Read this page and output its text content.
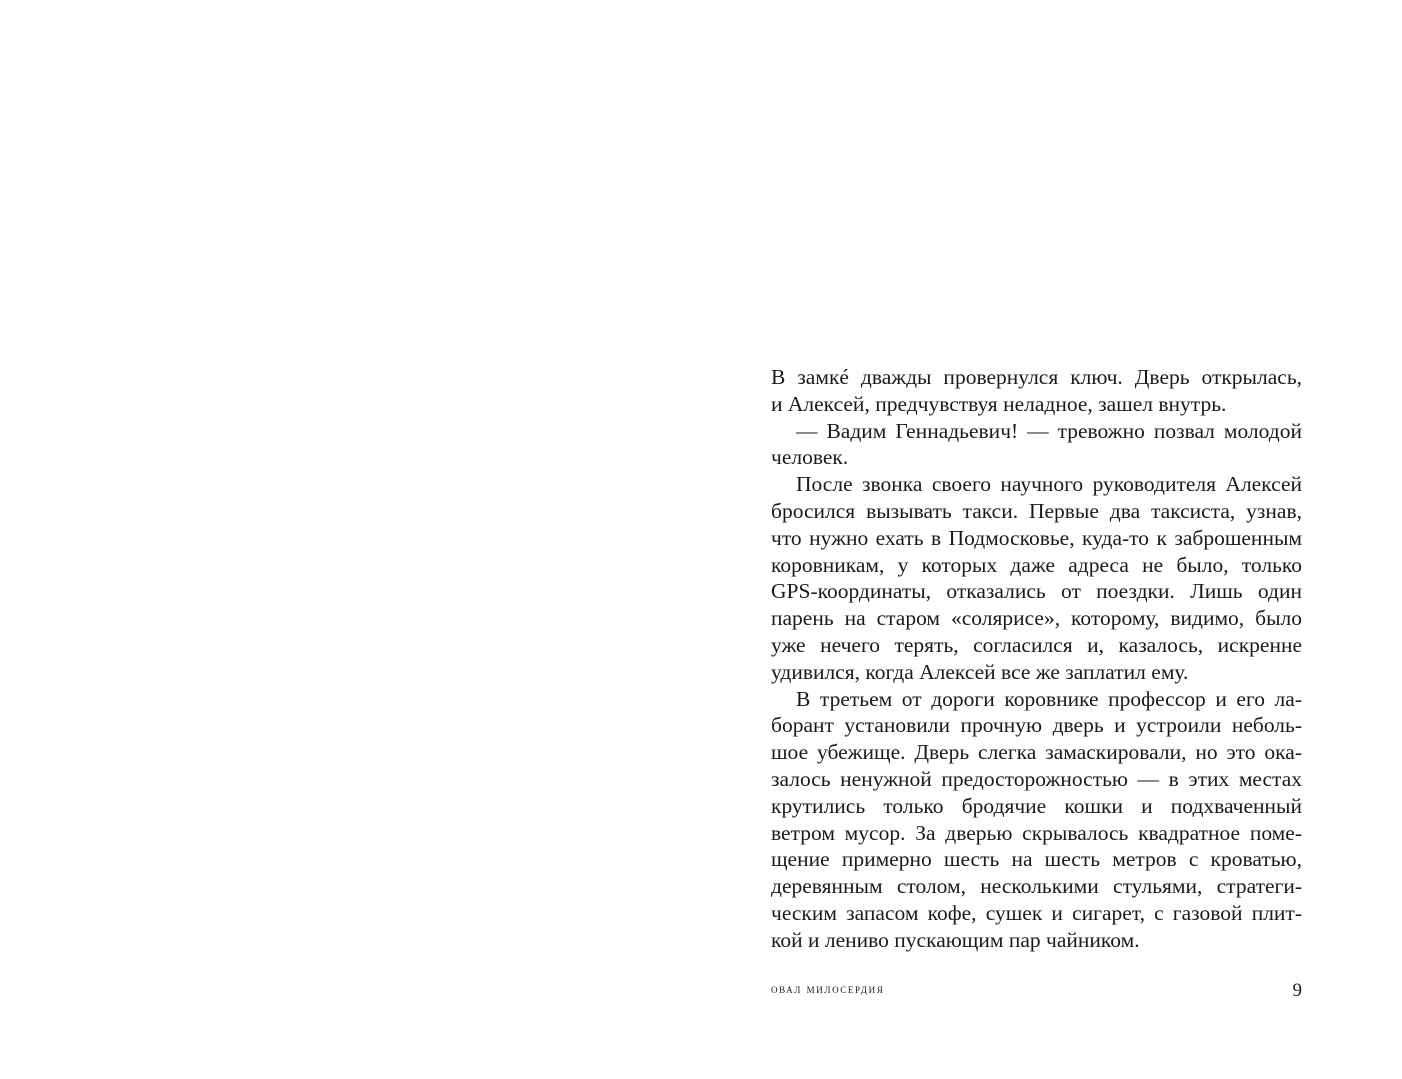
В замкé дважды провернулся ключ. Дверь открылась,
и Алексей, предчувствуя неладное, зашел внутрь.
— Вадим Геннадьевич! — тревожно позвал молодой
человек.
После звонка своего научного руководителя Алексей
бросился вызывать такси. Первые два таксиста, узнав,
что нужно ехать в Подмосковье, куда-то к заброшенным
коровникам, у которых даже адреса не было, только
GPS-координаты, отказались от поездки. Лишь один
парень на старом «солярисе», которому, видимо, было
уже нечего терять, согласился и, казалось, искренне
удивился, когда Алексей все же заплатил ему.
В третьем от дороги коровнике профессор и его ла-
борант установили прочную дверь и устроили неболь-
шое убежище. Дверь слегка замаскировали, но это ока-
залось ненужной предосторожностью — в этих местах
крутились только бродячие кошки и подхваченный
ветром мусор. За дверью скрывалось квадратное поме-
щение примерно шесть на шесть метров с кроватью,
деревянным столом, несколькими стульями, стратеги-
ческим запасом кофе, сушек и сигарет, с газовой плит-
кой и лениво пускающим пар чайником.
овал милосердия	9
